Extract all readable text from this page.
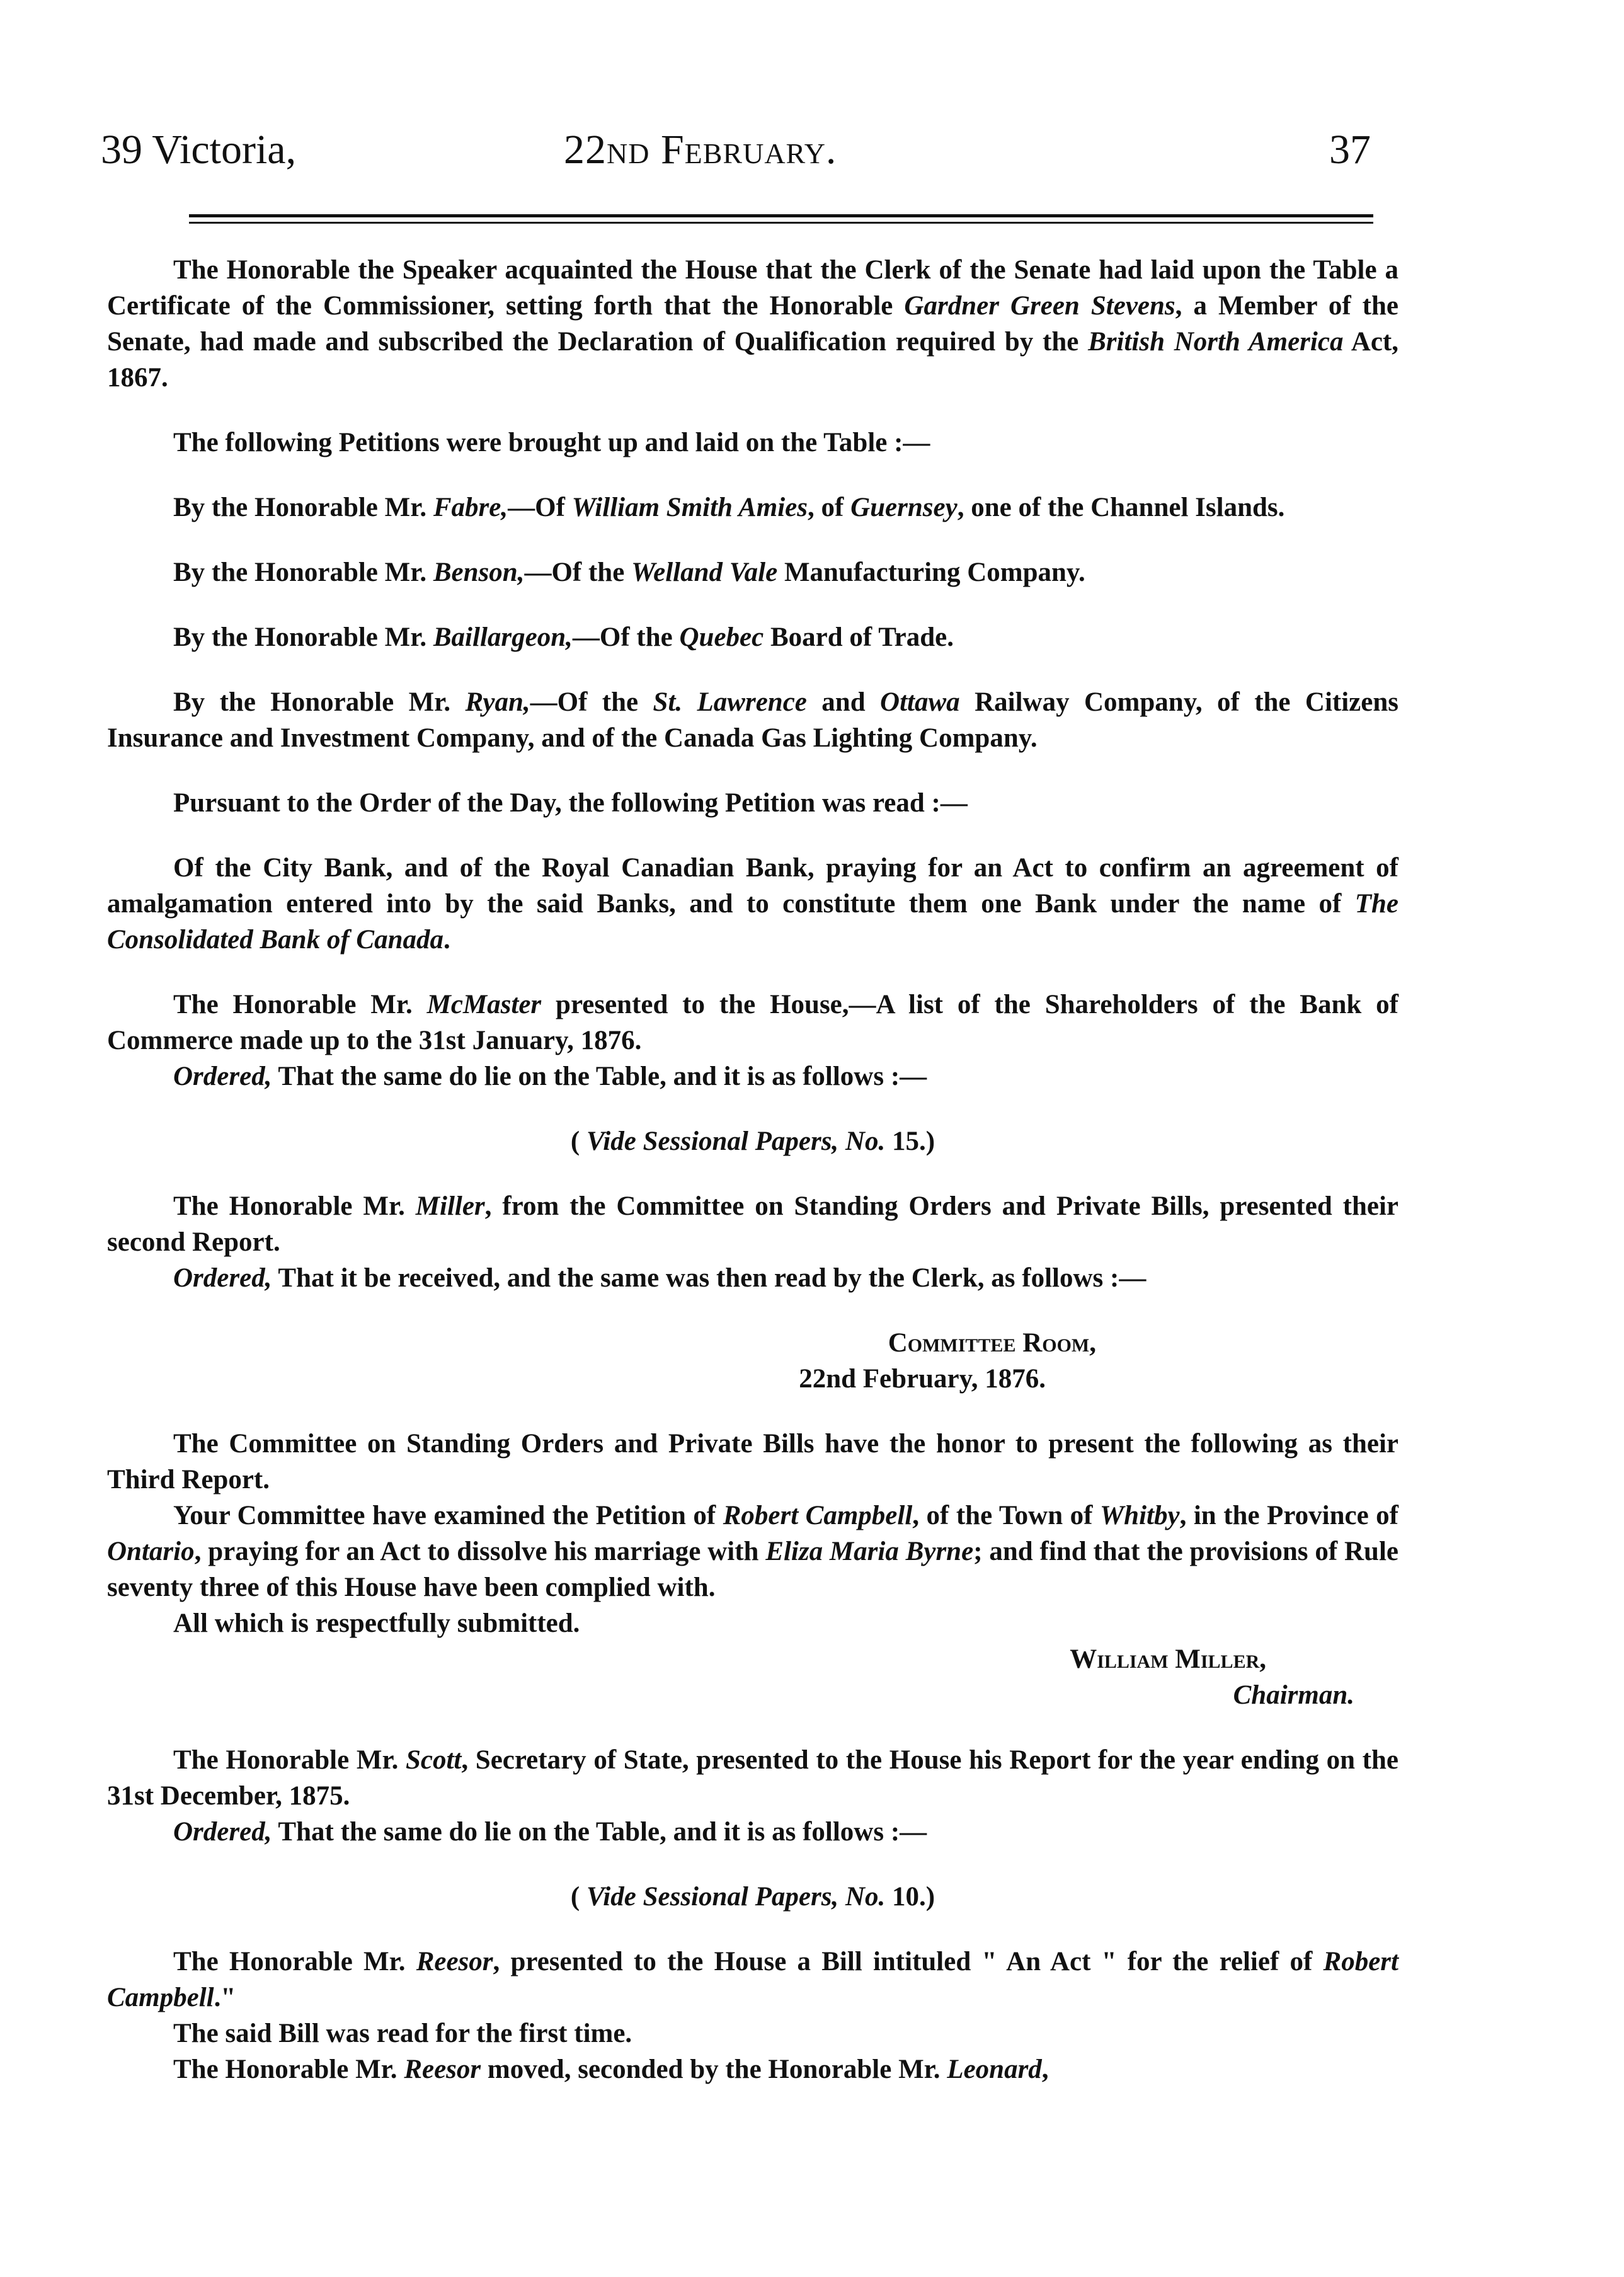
39 Victoria,	22nd February.	37

The Honorable the Speaker acquainted the House that the Clerk of the Senate had laid upon the Table a Certificate of the Commissioner, setting forth that the Honorable Gardner Green Stevens, a Member of the Senate, had made and subscribed the Declaration of Qualification required by the British North America Act, 1867.

The following Petitions were brought up and laid on the Table :—

By the Honorable Mr. Fabre,—Of William Smith Amies, of Guernsey, one of the Channel Islands.

By the Honorable Mr. Benson,—Of the Welland Vale Manufacturing Company.

By the Honorable Mr. Baillargeon,—Of the Quebec Board of Trade.

By the Honorable Mr. Ryan,—Of the St. Lawrence and Ottawa Railway Company, of the Citizens Insurance and Investment Company, and of the Canada Gas Lighting Company.

Pursuant to the Order of the Day, the following Petition was read :—

Of the City Bank, and of the Royal Canadian Bank, praying for an Act to confirm an agreement of amalgamation entered into by the said Banks, and to constitute them one Bank under the name of The Consolidated Bank of Canada.

The Honorable Mr. McMaster presented to the House,—A list of the Shareholders of the Bank of Commerce made up to the 31st January, 1876.

Ordered, That the same do lie on the Table, and it is as follows :—

( Vide Sessional Papers, No. 15.)

The Honorable Mr. Miller, from the Committee on Standing Orders and Private Bills, presented their second Report.

Ordered, That it be received, and the same was then read by the Clerk, as follows :—

Committee Room,

22nd February, 1876.

The Committee on Standing Orders and Private Bills have the honor to present the following as their Third Report.

Your Committee have examined the Petition of Robert Campbell, of the Town of Whitby, in the Province of Ontario, praying for an Act to dissolve his marriage with Eliza Maria Byrne; and find that the provisions of Rule seventy three of this House have been complied with.

All which is respectfully submitted.

William Miller,

Chairman.

The Honorable Mr. Scott, Secretary of State, presented to the House his Report for the year ending on the 31st December, 1875.

Ordered, That the same do lie on the Table, and it is as follows :—

( Vide Sessional Papers, No. 10.)

The Honorable Mr. Reesor, presented to the House a Bill intituled " An Act " for the relief of Robert Campbell."

The said Bill was read for the first time.

The Honorable Mr. Reesor moved, seconded by the Honorable Mr. Leonard,
